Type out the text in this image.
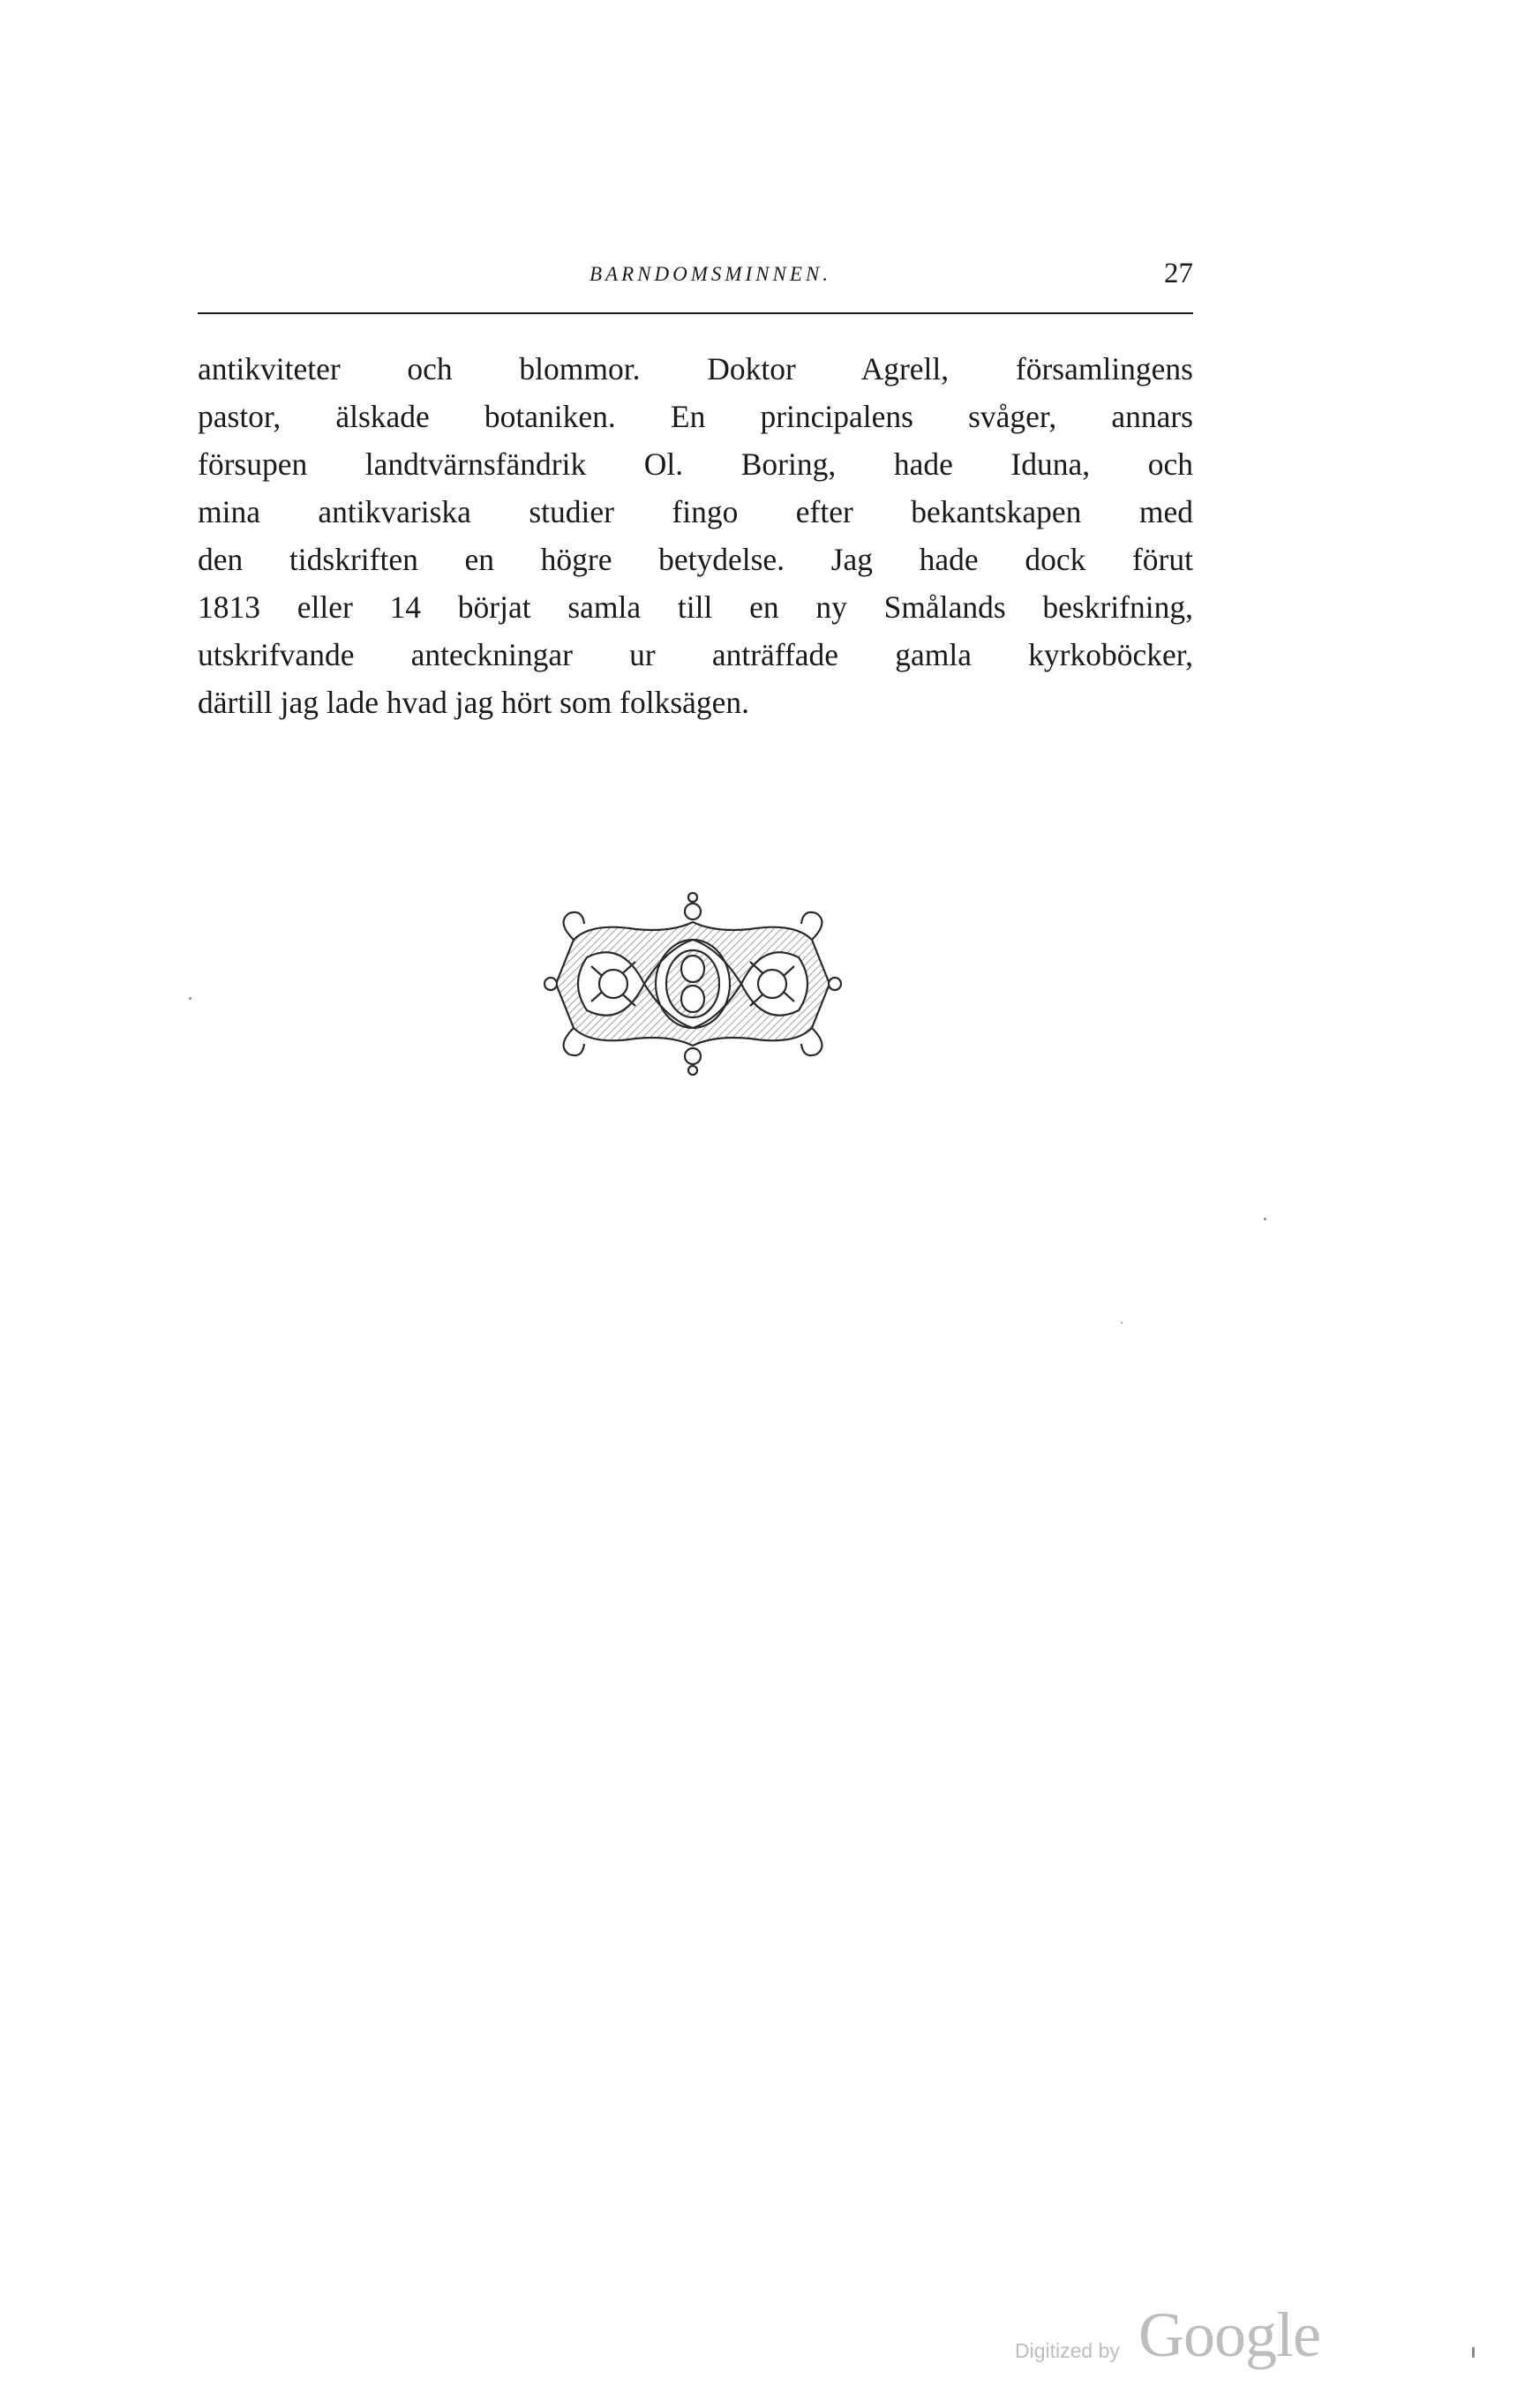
BARNDOMSMINNEN.	27

antikviteter och blommor. Doktor Agrell, församlingens
pastor, älskade botaniken. En principalens svåger, annars
försupen landtvärnsfändrik Ol. Boring, hade Iduna, och
mina antikvariska studier fingo efter bekantskapen med
den tidskriften en högre betydelse. Jag hade dock förut
1813 eller 14 börjat samla till en ny Smålands beskrifning,
utskrifvande anteckningar ur anträffade gamla kyrkoböcker,
därtill jag lade hvad jag hört som folksägen.

Digitized by Google
